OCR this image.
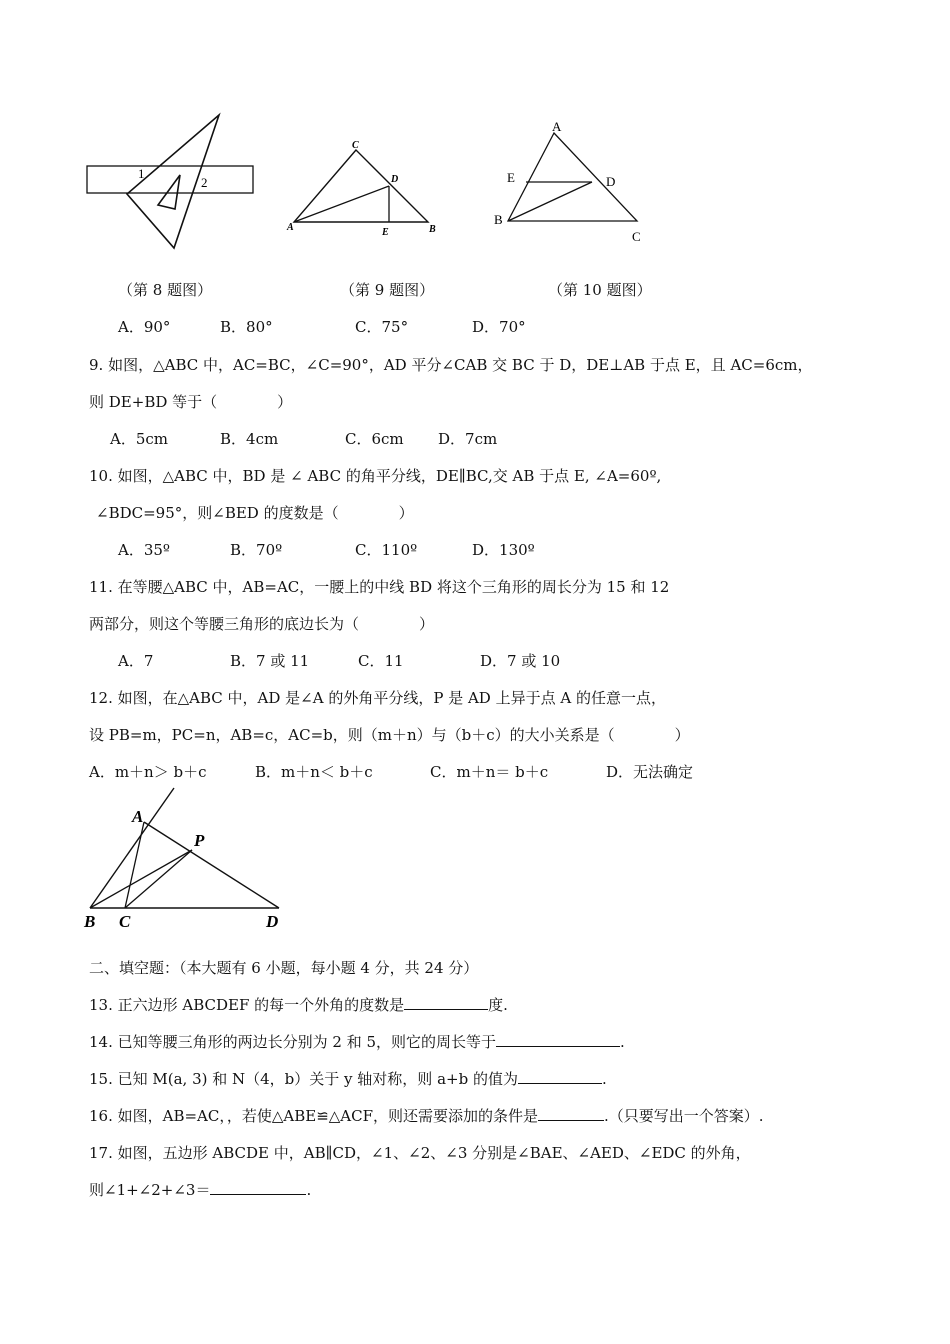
1
2
（第 8 题图）
C
D
A	E	B
（第 9 题图）
A
E	D
B
C
（第 10 题图）
A．90°	B．80°	C．75°	D．70°
9. 如图，△ABC 中，AC=BC，∠C=90°，AD 平分∠CAB 交 BC 于 D，DE⊥AB 于点 E，且 AC=6cm，
则 DE+BD 等于（　　　　）
A．5cm	B．4cm	C．6cm D．7cm
10. 如图，△ABC 中，BD 是 ∠ ABC 的角平分线，DE∥BC,交 AB 于点 E, ∠A=60º,
∠BDC=95°，则∠BED 的度数是（　　　　）
A．35º	B．70º	C．110º	D．130º
11. 在等腰△ABC 中，AB=AC，一腰上的中线 BD 将这个三角形的周长分为 15 和 12
两部分，则这个等腰三角形的底边长为（　　　　）
A．7	B．7 或 11	C．11	D．7 或 10
12. 如图，在△ABC 中，AD 是∠A 的外角平分线，P 是 AD 上异于点 A 的任意一点，
设 PB=m，PC=n，AB=c，AC=b，则（m＋n）与（b＋c）的大小关系是（　　　　）
A．m＋n＞ b＋c	B．m＋n＜ b＋c	C．m＋n＝ b＋c	D．无法确定
A
P
B C	D
二、填空题：（本大题有 6 小题，每小题 4 分，共 24 分）
13. 正六边形 ABCDEF 的每一个外角的度数是	度.
14. 已知等腰三角形的两边长分别为 2 和 5，则它的周长等于	.
15. 已知 M(a, 3) 和 N（4，b）关于 y 轴对称，则 a+b 的值为	.
16. 如图，AB=AC，，若使△ABE≌△ACF，则还需要添加的条件是	.（只要写出一个答案）.
17. 如图，五边形 ABCDE 中，AB∥CD，∠1、∠2、∠3 分别是∠BAE、∠AED、∠EDC 的外角，
则∠1+∠2+∠3＝	.
